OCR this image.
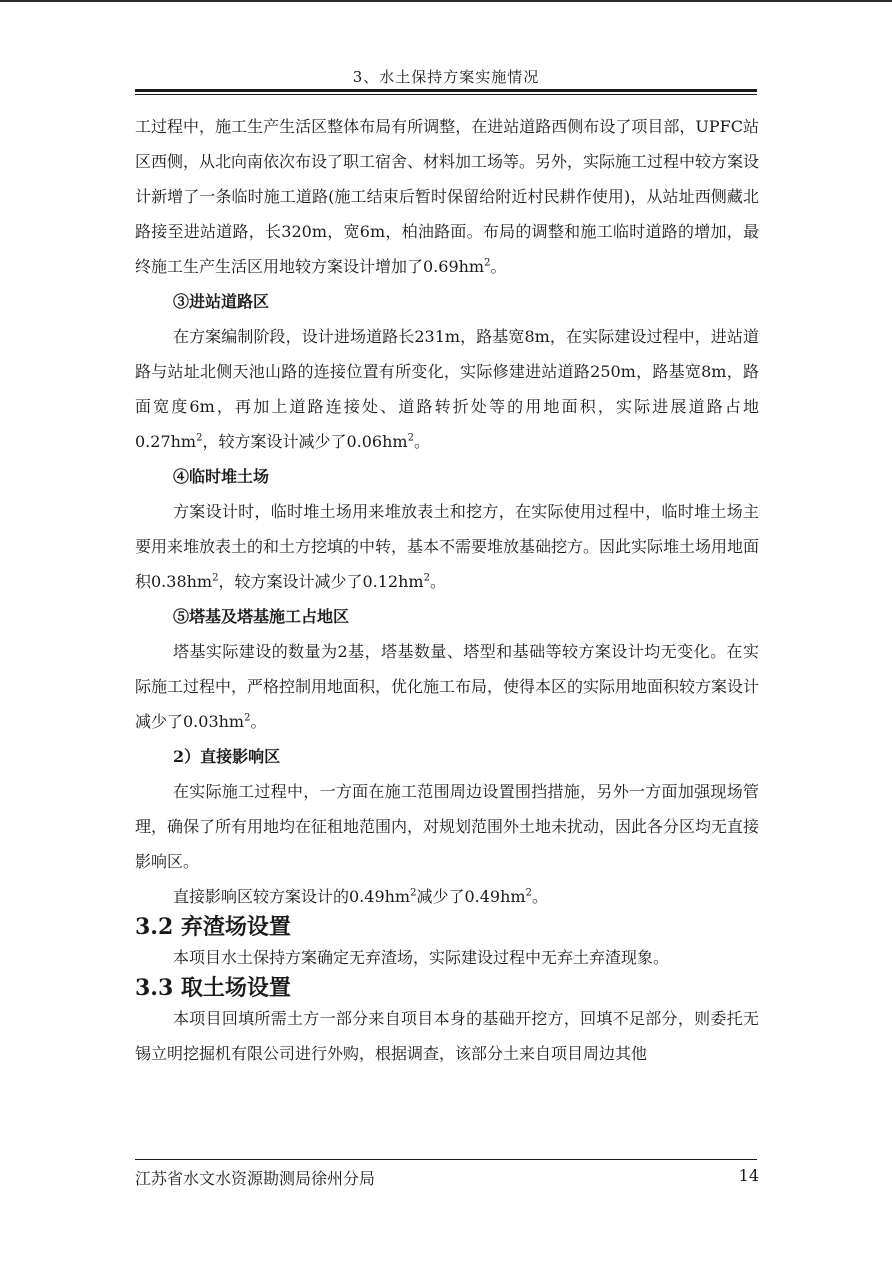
3、水土保持方案实施情况

工过程中，施工生产生活区整体布局有所调整，在进站道路西侧布设了项目部，UPFC站区西侧，从北向南依次布设了职工宿舍、材料加工场等。另外，实际施工过程中较方案设计新增了一条临时施工道路(施工结束后暂时保留给附近村民耕作使用)，从站址西侧藏北路接至进站道路，长320m，宽6m，柏油路面。布局的调整和施工临时道路的增加，最终施工生产生活区用地较方案设计增加了$0.69hm^2$。

③进站道路区

在方案编制阶段，设计进场道路长231m，路基宽8m，在实际建设过程中，进站道路与站址北侧天池山路的连接位置有所变化，实际修建进站道路250m，路基宽8m，路面宽度6m，再加上道路连接处、道路转折处等的用地面积，实际进展道路占地$0.27hm^2$，较方案设计减少了$0.06hm^2$。

④临时堆土场

方案设计时，临时堆土场用来堆放表土和挖方，在实际使用过程中，临时堆土场主要用来堆放表土的和土方挖填的中转，基本不需要堆放基础挖方。因此实际堆土场用地面积$0.38hm^2$，较方案设计减少了$0.12hm^2$。

⑤塔基及塔基施工占地区

塔基实际建设的数量为2基，塔基数量、塔型和基础等较方案设计均无变化。在实际施工过程中，严格控制用地面积，优化施工布局，使得本区的实际用地面积较方案设计减少了$0.03hm^2$。

2）直接影响区

在实际施工过程中，一方面在施工范围周边设置围挡措施，另外一方面加强现场管理，确保了所有用地均在征租地范围内，对规划范围外土地未扰动，因此各分区均无直接影响区。

直接影响区较方案设计的$0.49hm^2$减少了$0.49hm^2$。

3.2 弃渣场设置

本项目水土保持方案确定无弃渣场，实际建设过程中无弃土弃渣现象。

3.3 取土场设置

本项目回填所需土方一部分来自项目本身的基础开挖方，回填不足部分，则委托无锡立明挖掘机有限公司进行外购，根据调查，该部分土来自项目周边其他

江苏省水文水资源勘测局徐州分局	14
